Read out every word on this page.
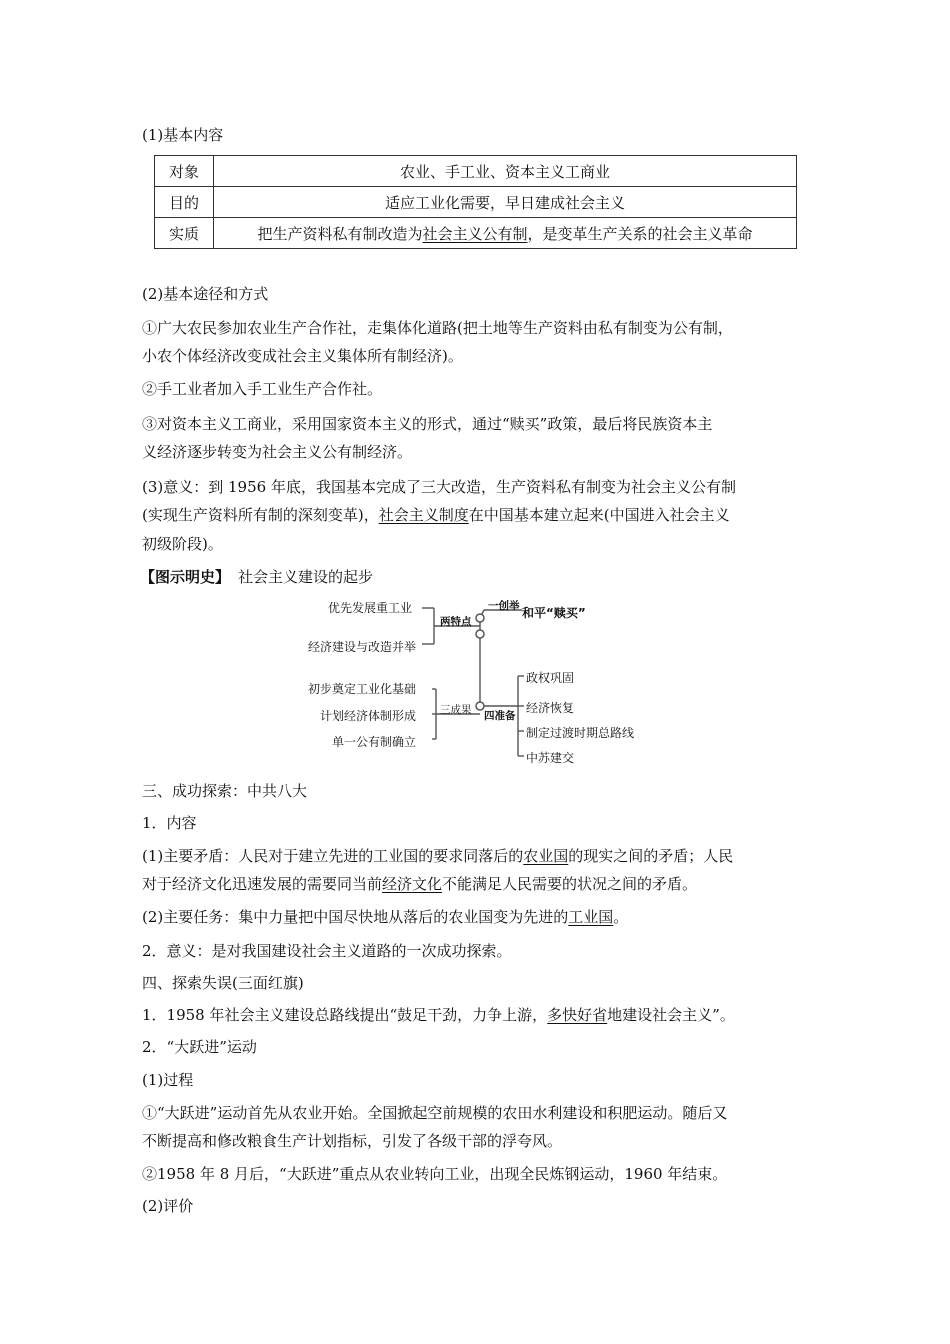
(1)基本内容
对象	农业、手工业、资本主义工商业
目的	适应工业化需要，早日建成社会主义
实质	把生产资料私有制改造为社会主义公有制，是变革生产关系的社会主义革命
(2)基本途径和方式
①广大农民参加农业生产合作社，走集体化道路(把土地等生产资料由私有制变为公有制，
小农个体经济改变成社会主义集体所有制经济)。
②手工业者加入手工业生产合作社。
③对资本主义工商业，采用国家资本主义的形式，通过“赎买”政策，最后将民族资本主
义经济逐步转变为社会主义公有制经济。
(3)意义：到 1956 年底，我国基本完成了三大改造，生产资料私有制变为社会主义公有制
(实现生产资料所有制的深刻变革)，社会主义制度在中国基本建立起来(中国进入社会主义
初级阶段)。
【图示明史】 社会主义建设的起步
优先发展重工业
经济建设与改造并举
初步奠定工业化基础
计划经济体制形成
单一公有制确立
两特点
三成果
一创举 和平“赎买”
四准备
政权巩固
经济恢复
制定过渡时期总路线
中苏建交
三、成功探索：中共八大
1．内容
(1)主要矛盾：人民对于建立先进的工业国的要求同落后的农业国的现实之间的矛盾；人民
对于经济文化迅速发展的需要同当前经济文化不能满足人民需要的状况之间的矛盾。
(2)主要任务：集中力量把中国尽快地从落后的农业国变为先进的工业国。
2．意义：是对我国建设社会主义道路的一次成功探索。
四、探索失误(三面红旗)
1．1958 年社会主义建设总路线提出“鼓足干劲，力争上游，多快好省地建设社会主义”。
2．“大跃进”运动
(1)过程
①“大跃进”运动首先从农业开始。全国掀起空前规模的农田水利建设和积肥运动。随后又
不断提高和修改粮食生产计划指标，引发了各级干部的浮夸风。
②1958 年 8 月后，“大跃进”重点从农业转向工业，出现全民炼钢运动，1960 年结束。
(2)评价
